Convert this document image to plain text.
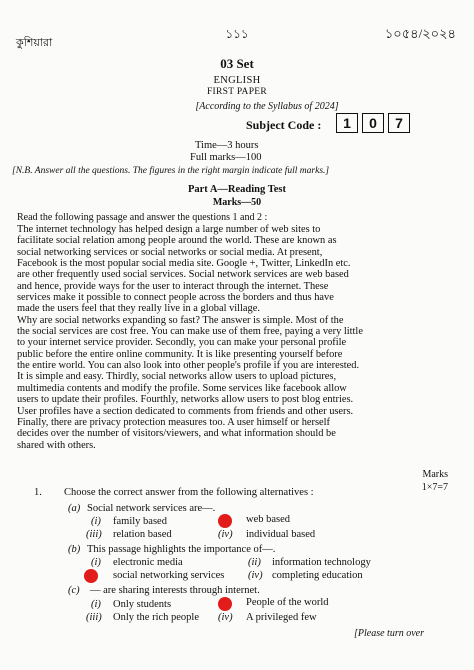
কুশিয়ারা
১১১	১০৫৪/২০২৪
03 Set
ENGLISH
FIRST PAPER
[According to the Syllabus of 2024]
Subject Code :	1	0	7
Time—3 hours
Full marks—100
[N.B. Answer all the questions. The figures in the right margin indicate full marks.]
Part A—Reading Test
Marks—50
Read the following passage and answer the questions 1 and 2 :
The internet technology has helped design a large number of web sites to
facilitate social relation among people around the world. These are known as
social networking services or social networks or social media. At present,
Facebook is the most popular social media site. Google +, Twitter, LinkedIn etc.
are other frequently used social services. Social network services are web based
and hence, provide ways for the user to interact through the internet. These
services make it possible to connect people across the borders and thus have
made the users feel that they really live in a global village.
Why are social networks expanding so fast? The answer is simple. Most of the
the social services are cost free. You can make use of them free, paying a very little
to your internet service provider. Secondly, you can make your personal profile
public before the entire online community. It is like presenting yourself before
the entire world. You can also look into other people's profile if you are interested.
It is simple and easy. Thirdly, social networks allow users to upload pictures,
multimedia contents and modify the profile. Some services like facebook allow
users to update their profiles. Fourthly, networks allow users to post blog entries.
User profiles have a section dedicated to comments from friends and other users.
Finally, there are privacy protection measures too. A user himself or herself
decides over the number of visitors/viewers, and what information should be
shared with others.
Marks
1×7=7
1. Choose the correct answer from the following alternatives :
(a) Social network services are—.
(i) family based	web based
(iii) relation based	(iv) individual based
(b) This passage highlights the importance of—.
(i) electronic media	(ii) information technology
social networking services (iv) completing education
(c) — are sharing interests through internet.
(i) Only students	People of the world
(iii) Only the rich people (iv) A privileged few
[Please turn over
